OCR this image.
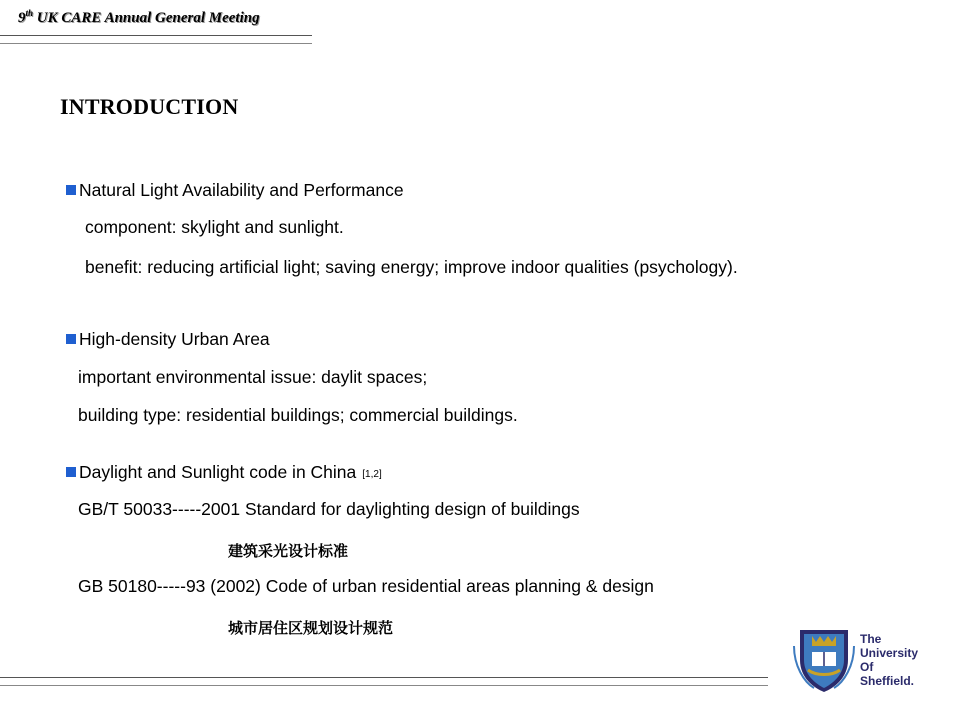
9th UK CARE Annual General Meeting
INTRODUCTION
Natural Light Availability and Performance
component: skylight and sunlight.
benefit: reducing artificial light; saving energy; improve indoor qualities (psychology).
High-density Urban Area
important environmental issue: daylit spaces;
building type: residential buildings; commercial buildings.
Daylight and Sunlight code in China [1,2]
GB/T 50033-----2001 Standard for daylighting design of buildings
建筑采光设计标准
GB 50180-----93 (2002) Code of urban residential areas planning & design
城市居住区规划设计规范
The
University
Of
Sheffield.
